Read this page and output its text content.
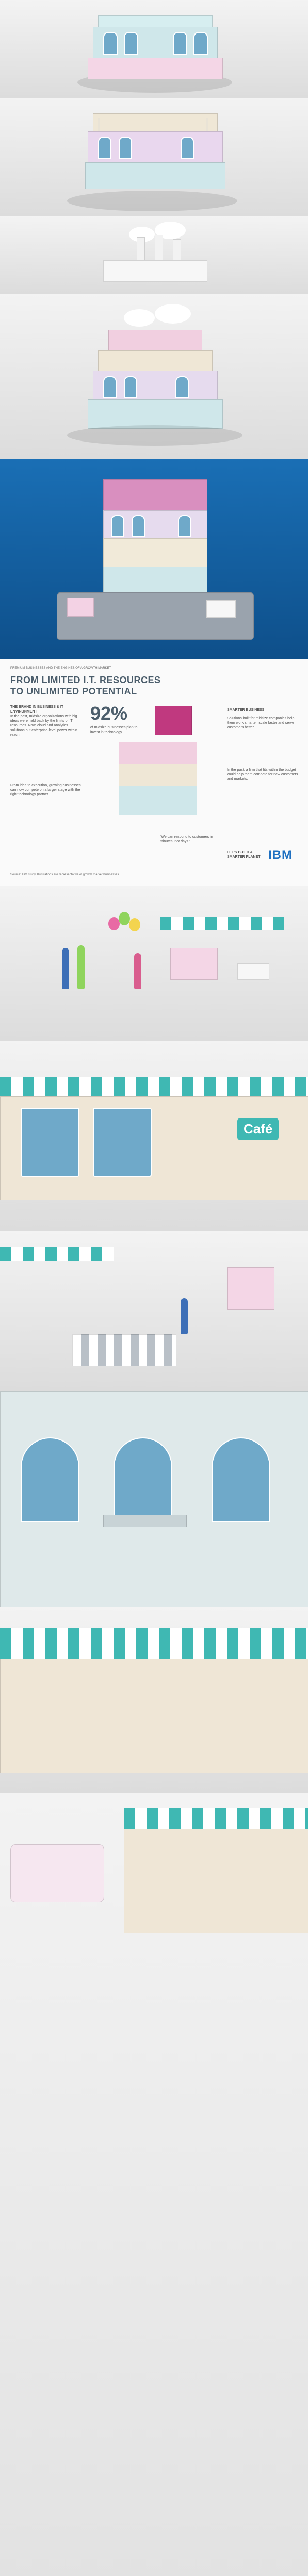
PREMIUM BUSINESSES AND THE ENGINES OF A GROWTH MARKET
FROM LIMITED I.T. RESOURCES
TO UNLIMITED POTENTIAL
THE BRAND IN BUSINESS & IT ENVIRONMENT
In the past, midsize organizations with big ideas were held back by the limits of IT resources. Now, cloud and analytics solutions put enterprise-level power within reach.
92%
of midsize businesses plan to invest in technology
SMARTER BUSINESS
Solutions built for midsize companies help them work smarter, scale faster and serve customers better.
In the past, a firm that fits within the budget could help them compete for new customers and markets.
From idea to execution, growing businesses can now compete on a larger stage with the right technology partner.
“We can respond to customers in minutes, not days.”
LET'S BUILD A SMARTER PLANET IBM
Source: IBM study. Illustrations are representative of growth market businesses.
Café
